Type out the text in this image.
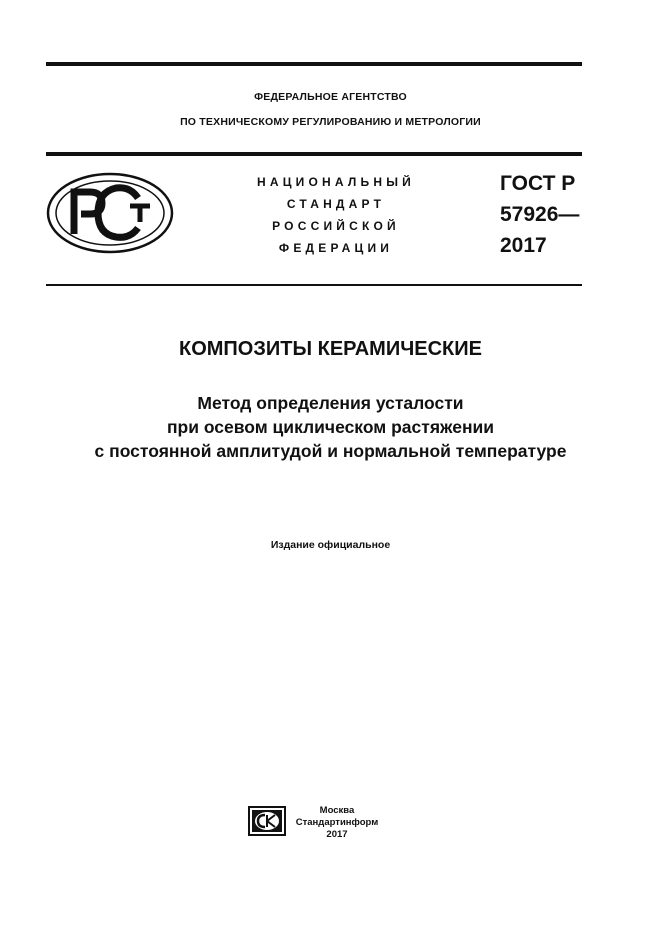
ФЕДЕРАЛЬНОЕ АГЕНТСТВО
ПО ТЕХНИЧЕСКОМУ РЕГУЛИРОВАНИЮ И МЕТРОЛОГИИ
НАЦИОНАЛЬНЫЙ
СТАНДАРТ
РОССИЙСКОЙ
ФЕДЕРАЦИИ
ГОСТ Р
57926—
2017
КОМПОЗИТЫ КЕРАМИЧЕСКИЕ
Метод определения усталости
при осевом циклическом растяжении
с постоянной амплитудой и нормальной температуре
Издание официальное
Москва
Стандартинформ
2017
